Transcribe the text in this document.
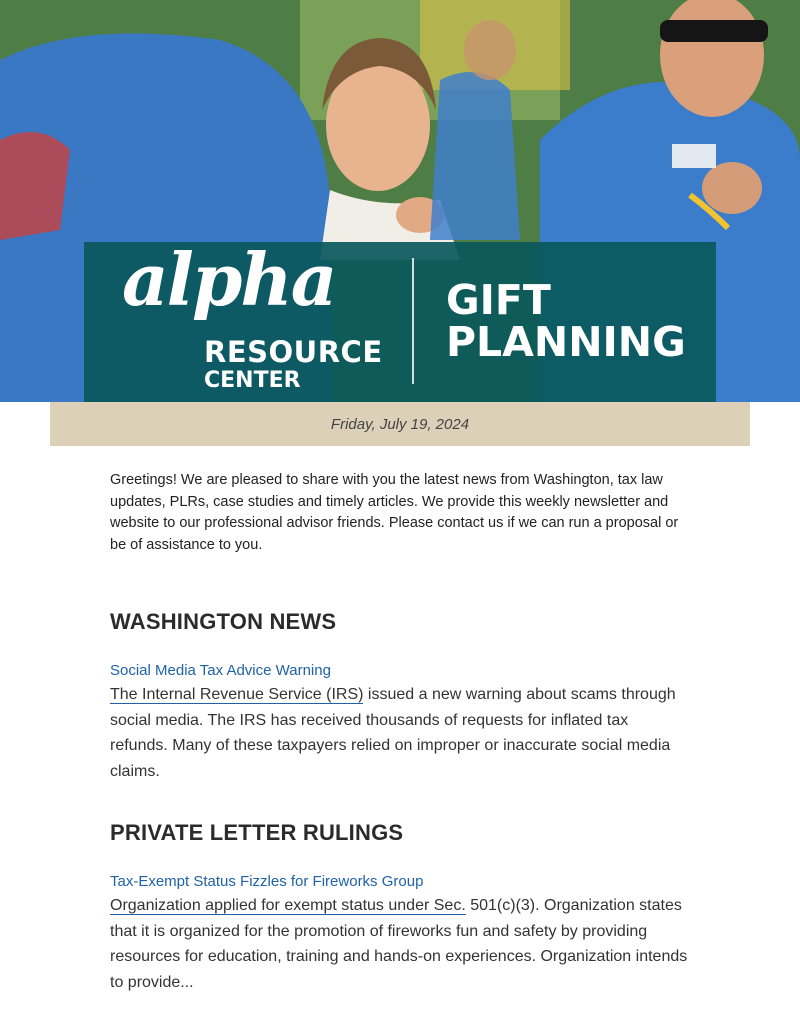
alpha
RESOURCE
CENTER
GIFT
PLANNING
Friday, July 19, 2024

Greetings! We are pleased to share with you the latest news from Washington, tax law updates, PLRs, case studies and timely articles. We provide this weekly newsletter and website to our professional advisor friends. Please contact us if we can run a proposal or be of assistance to you.

WASHINGTON NEWS
Social Media Tax Advice Warning

The Internal Revenue Service (IRS) issued a new warning about scams through social media. The IRS has received thousands of requests for inflated tax refunds. Many of these taxpayers relied on improper or inaccurate social media claims.

PRIVATE LETTER RULINGS
Tax-Exempt Status Fizzles for Fireworks Group

Organization applied for exempt status under Sec. 501(c)(3). Organization states that it is organized for the promotion of fireworks fun and safety by providing resources for education, training and hands-on experiences. Organization intends to provide...
